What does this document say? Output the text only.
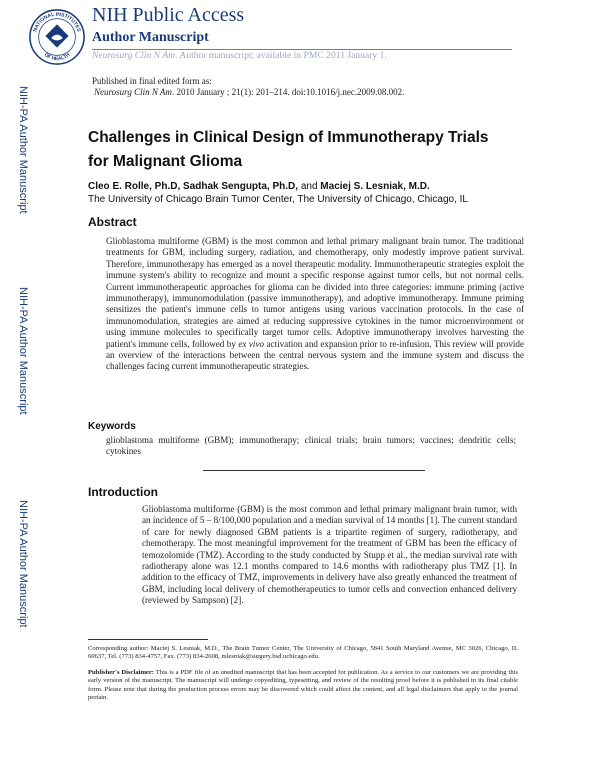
NATIONAL INSTITUTES
OF HEALTH
NIH Public Access
Author Manuscript
Neurosurg Clin N Am. Author manuscript; available in PMC 2011 January 1.
Published in final edited form as:
Neurosurg Clin N Am. 2010 January ; 21(1): 201–214. doi:10.1016/j.nec.2009.08.002.
NIH-PA Author Manuscript
NIH-PA Author Manuscript
NIH-PA Author Manuscript
Challenges in Clinical Design of Immunotherapy Trials for Malignant Glioma
Cleo E. Rolle, Ph.D, Sadhak Sengupta, Ph.D, and Maciej S. Lesniak, M.D.
The University of Chicago Brain Tumor Center, The University of Chicago, Chicago, IL
Abstract
Glioblastoma multiforme (GBM) is the most common and lethal primary malignant brain tumor. The traditional treatments for GBM, including surgery, radiation, and chemotherapy, only modestly improve patient survival. Therefore, immunotherapy has emerged as a novel therapeutic modality. Immunotherapeutic strategies exploit the immune system's ability to recognize and mount a specific response against tumor cells, but not normal cells. Current immunotherapeutic approaches for glioma can be divided into three categories: immune priming (active immunotherapy), immunomodulation (passive immunotherapy), and adoptive immunotherapy. Immune priming sensitizes the patient's immune cells to tumor antigens using various vaccination protocols. In the case of immunomodulation, strategies are aimed at reducing suppressive cytokines in the tumor microenvironment or using immune molecules to specifically target tumor cells. Adoptive immunotherapy involves harvesting the patient's immune cells, followed by ex vivo activation and expansion prior to re-infusion. This review will provide an overview of the interactions between the central nervous system and the immune system and discuss the challenges facing current immunotherapeutic strategies.
Keywords
glioblastoma multiforme (GBM); immunotherapy; clinical trials; brain tumors; vaccines; dendritic cells; cytokines
Introduction
Glioblastoma multiforme (GBM) is the most common and lethal primary malignant brain tumor, with an incidence of 5 – 8/100,000 population and a median survival of 14 months [1]. The current standard of care for newly diagnosed GBM patients is a tripartite regimen of surgery, radiotherapy, and chemotherapy. The most meaningful improvement for the treatment of GBM has been the efficacy of temozolomide (TMZ). According to the study conducted by Stupp et al., the median survival rate with radiotherapy alone was 12.1 months compared to 14.6 months with radiotherapy plus TMZ [1]. In addition to the efficacy of TMZ, improvements in delivery have also greatly enhanced the treatment of GBM, including local delivery of chemotherapeutics to tumor cells and convection enhanced delivery (reviewed by Sampson) [2].
Corresponding author: Maciej S. Lesniak, M.D., The Brain Tumor Center, The University of Chicago, 5841 South Maryland Avenue, MC 3026, Chicago, IL 60637, Tel. (773) 834-4757, Fax. (773) 834-2608, mlesniak@surgery.bsd.uchicago.edu.
Publisher's Disclaimer: This is a PDF file of an unedited manuscript that has been accepted for publication. As a service to our customers we are providing this early version of the manuscript. The manuscript will undergo copyediting, typesetting, and review of the resulting proof before it is published in its final citable form. Please note that during the production process errors may be discovered which could affect the content, and all legal disclaimers that apply to the journal pertain.
